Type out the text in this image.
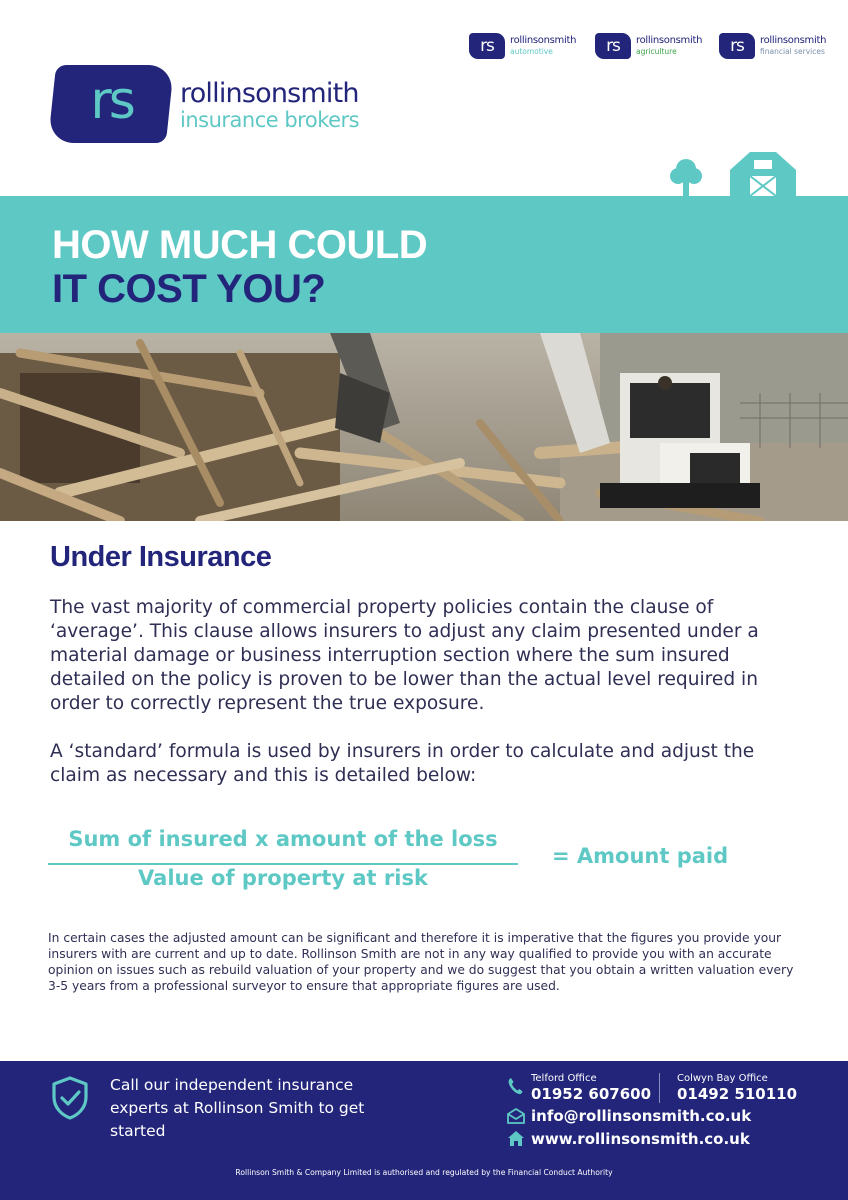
rs	rollinsonsmith
automotive	rs	rollinsonsmith
agriculture	rs	rollinsonsmith
financial services
rs rollinsonsmith
insurance brokers
HOW MUCH COULD
IT COST YOU?
Under Insurance

The vast majority of commercial property policies contain the clause of ‘average’. This clause allows insurers to adjust any claim presented under a material damage or business interruption section where the sum insured detailed on the policy is proven to be lower than the actual level required in order to correctly represent the true exposure.

A ‘standard’ formula is used by insurers in order to calculate and adjust the claim as necessary and this is detailed below:

Sum of insured x amount of the loss
Value of property at risk
= Amount paid

In certain cases the adjusted amount can be significant and therefore it is imperative that the figures you provide your insurers with are current and up to date. Rollinson Smith are not in any way qualified to provide you with an accurate opinion on issues such as rebuild valuation of your property and we do suggest that you obtain a written valuation every 3-5 years from a professional surveyor to ensure that appropriate figures are used.

Call our independent insurance experts at Rollinson Smith to get started

Telford Office
01952 607600
Colwyn Bay Office
01492 510110
info@rollinsonsmith.co.uk
www.rollinsonsmith.co.uk
Rollinson Smith & Company Limited is authorised and regulated by the Financial Conduct Authority
